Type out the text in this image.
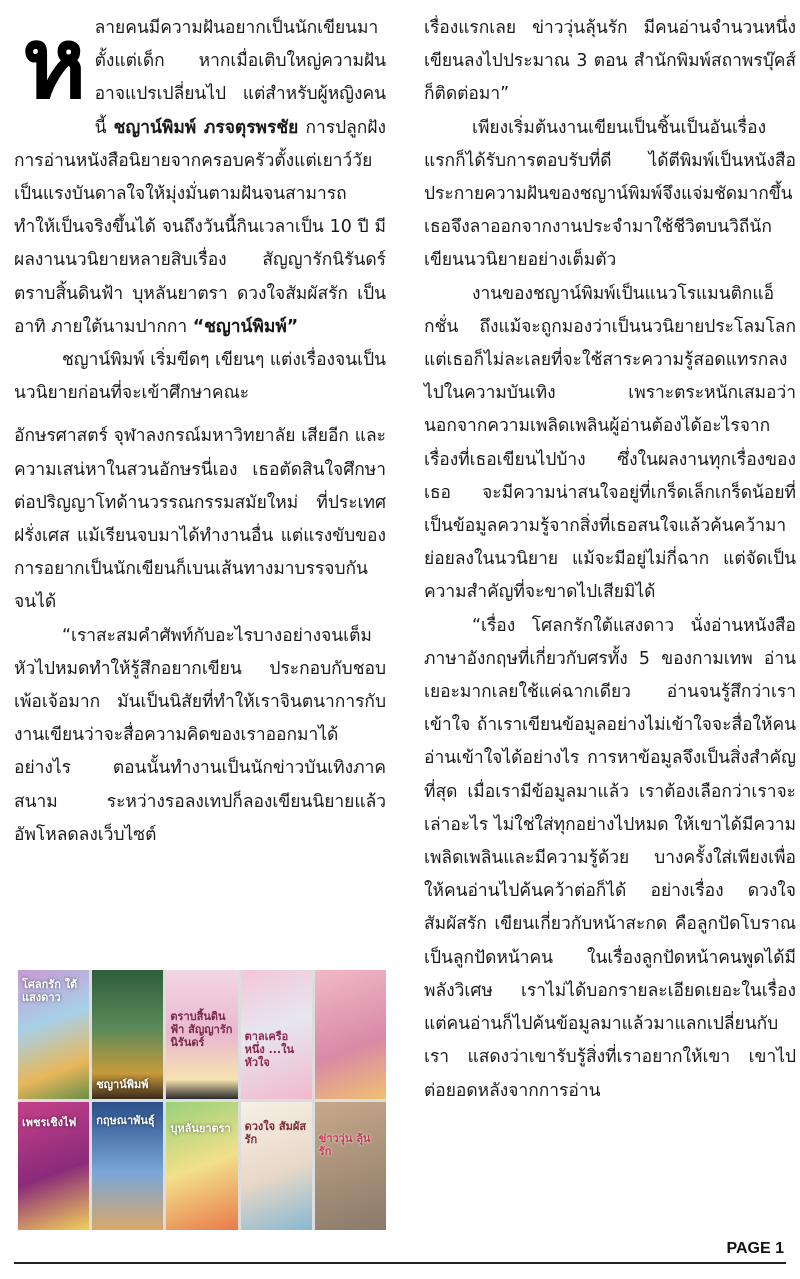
หลายคนมีความฝันอยากเป็นนักเขียนมาตั้งแต่เด็ก หากเมื่อเติบใหญ่ความฝันอาจแปรเปลี่ยนไป แต่สำหรับผู้หญิงคนนี้ ชญาน์พิมพ์ ภรจตุรพรชัย การปลูกฝังการอ่านหนังสือนิยายจากครอบครัวตั้งแต่เยาว์วัย เป็นแรงบันดาลใจให้มุ่งมั่นตามฝันจนสามารถทำให้เป็นจริงขึ้นได้ จนถึงวันนี้กินเวลาเป็น 10 ปี มีผลงานนวนิยายหลายสิบเรื่อง สัญญารักนิรันดร์ ตราบสิ้นดินฟ้า บุหลันยาตรา ดวงใจสัมผัสรัก เป็นอาทิ ภายใต้นามปากกา “ชญาน์พิมพ์”

ชญาน์พิมพ์ เริ่มขีดๆ เขียนๆ แต่งเรื่องจนเป็นนวนิยายก่อนที่จะเข้าศึกษาคณะ

อักษรศาสตร์ จุฬาลงกรณ์มหาวิทยาลัย เสียอีก และความเสน่หาในสวนอักษรนี่เอง เธอตัดสินใจศึกษาต่อปริญญาโทด้านวรรณกรรมสมัยใหม่ ที่ประเทศฝรั่งเศส แม้เรียนจบมาได้ทำงานอื่น แต่แรงขับของการอยากเป็นนักเขียนก็เบนเส้นทางมาบรรจบกันจนได้

“เราสะสมคำศัพท์กับอะไรบางอย่างจนเต็มหัวไปหมดทำให้รู้สึกอยากเขียน ประกอบกับชอบเพ้อเจ้อมาก มันเป็นนิสัยที่ทำให้เราจินตนาการกับงานเขียนว่าจะสื่อความคิดของเราออกมาได้อย่างไร ตอนนั้นทำงานเป็นนักข่าวบันเทิงภาคสนาม ระหว่างรอลงเทปก็ลองเขียนนิยายแล้วอัพโหลดลงเว็บไซต์

โศลกรัก ใต้แสงดาว
ชญาน์พิมพ์
ตราบสิ้นดินฟ้า สัญญารักนิรันดร์	ตาลเครือหนึ่ง ...ในหัวใจ
เพชรเชิงไฟ	กฤษณาพันธุ์
บุหลันยาตรา ดวงใจ สัมผัสรัก	ข่าววุ่น ลุ้นรัก

เรื่องแรกเลย ข่าววุ่นลุ้นรัก มีคนอ่านจำนวนหนึ่ง เขียนลงไปประมาณ 3 ตอน สำนักพิมพ์สถาพรบุ๊คส์ก็ติดต่อมา”

เพียงเริ่มต้นงานเขียนเป็นชิ้นเป็นอันเรื่องแรกก็ได้รับการตอบรับที่ดี ได้ตีพิมพ์เป็นหนังสือ ประกายความฝันของชญาน์พิมพ์จึงแจ่มชัดมากขึ้น เธอจึงลาออกจากงานประจำมาใช้ชีวิตบนวิถีนักเขียนนวนิยายอย่างเต็มตัว

งานของชญาน์พิมพ์เป็นแนวโรแมนติกแอ็กชั่น ถึงแม้จะถูกมองว่าเป็นนวนิยายประโลมโลก แต่เธอก็ไม่ละเลยที่จะใช้สาระความรู้สอดแทรกลงไปในความบันเทิง เพราะตระหนักเสมอว่า นอกจากความเพลิดเพลินผู้อ่านต้องได้อะไรจากเรื่องที่เธอเขียนไปบ้าง ซึ่งในผลงานทุกเรื่องของเธอ จะมีความน่าสนใจอยู่ที่เกร็ดเล็กเกร็ดน้อยที่เป็นข้อมูลความรู้จากสิ่งที่เธอสนใจแล้วค้นคว้ามาย่อยลงในนวนิยาย แม้จะมีอยู่ไม่กี่ฉาก แต่จัดเป็นความสำคัญที่จะขาดไปเสียมิได้

“เรื่อง โศลกรักใต้แสงดาว นั่งอ่านหนังสือภาษาอังกฤษที่เกี่ยวกับศรทั้ง 5 ของกามเทพ อ่านเยอะมากเลยใช้แค่ฉากเดียว อ่านจนรู้สึกว่าเราเข้าใจ ถ้าเราเขียนข้อมูลอย่างไม่เข้าใจจะสื่อให้คนอ่านเข้าใจได้อย่างไร การหาข้อมูลจึงเป็นสิ่งสำคัญที่สุด เมื่อเรามีข้อมูลมาแล้ว เราต้องเลือกว่าเราจะเล่าอะไร ไม่ใช่ใส่ทุกอย่างไปหมด ให้เขาได้มีความเพลิดเพลินและมีความรู้ด้วย บางครั้งใส่เพียงเพื่อให้คนอ่านไปค้นคว้าต่อก็ได้ อย่างเรื่อง ดวงใจสัมผัสรัก เขียนเกี่ยวกับหน้าสะกด คือลูกปัดโบราณ เป็นลูกปัดหน้าคน ในเรื่องลูกปัดหน้าคนพูดได้มีพลังวิเศษ เราไม่ได้บอกรายละเอียดเยอะในเรื่อง แต่คนอ่านก็ไปค้นข้อมูลมาแล้วมาแลกเปลี่ยนกับเรา แสดงว่าเขารับรู้สิ่งที่เราอยากให้เขา เขาไปต่อยอดหลังจากการอ่าน

PAGE 1
